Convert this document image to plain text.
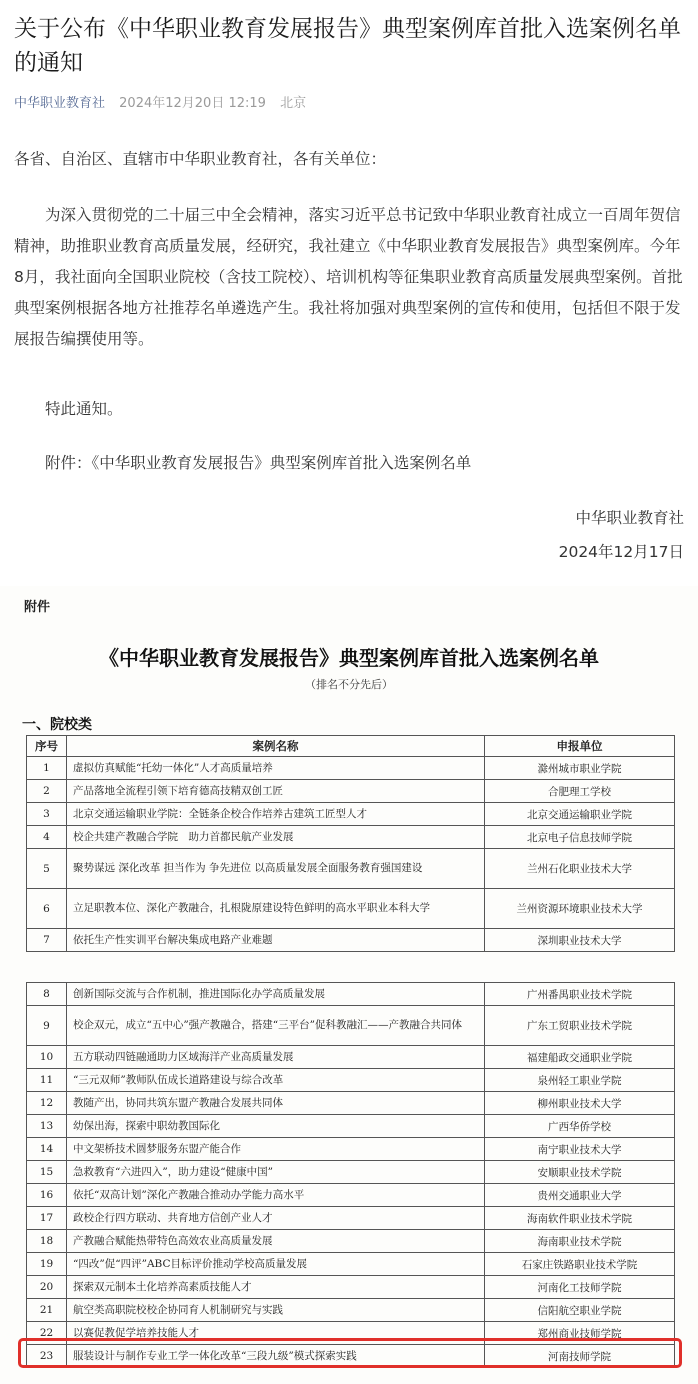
关于公布《中华职业教育发展报告》典型案例库首批入选案例名单的通知
中华职业教育社 2024年12月20日 12:19 北京

各省、自治区、直辖市中华职业教育社，各有关单位：

为深入贯彻党的二十届三中全会精神，落实习近平总书记致中华职业教育社成立一百周年贺信精神，助推职业教育高质量发展，经研究，我社建立《中华职业教育发展报告》典型案例库。今年8月，我社面向全国职业院校（含技工院校）、培训机构等征集职业教育高质量发展典型案例。首批典型案例根据各地方社推荐名单遴选产生。我社将加强对典型案例的宣传和使用，包括但不限于发展报告编撰使用等。

特此通知。

附件：《中华职业教育发展报告》典型案例库首批入选案例名单

中华职业教育社
2024年12月17日
附件
《中华职业教育发展报告》典型案例库首批入选案例名单
（排名不分先后）
一、院校类
序号	案例名称	申报单位
1	虚拟仿真赋能“托幼一体化”人才高质量培养	滁州城市职业学院
2	产品落地全流程引领下培育德高技精双创工匠	合肥理工学校
3	北京交通运输职业学院：全链条企校合作培养古建筑工匠型人才	北京交通运输职业学院
4	校企共建产教融合学院　助力首都民航产业发展	北京电子信息技师学院
5	聚势谋远 深化改革 担当作为 争先进位 以高质量发展全面服务教育强国建设	兰州石化职业技术大学
6	立足职教本位、深化产教融合，扎根陇原建设特色鲜明的高水平职业本科大学	兰州资源环境职业技术大学
7	依托生产性实训平台解决集成电路产业难题	深圳职业技术大学
8	创新国际交流与合作机制，推进国际化办学高质量发展	广州番禺职业技术学院
9	校企双元，成立“五中心”强产教融合，搭建“三平台”促科教融汇——产教融合共同体	广东工贸职业技术学院
10	五方联动四链融通助力区域海洋产业高质量发展	福建船政交通职业学院
11	“三元双师”教师队伍成长道路建设与综合改革	泉州轻工职业学院
12	教随产出，协同共筑东盟产教融合发展共同体	柳州职业技术大学
13	幼保出海，探索中职幼教国际化	广西华侨学校
14	中文架桥技术圆梦服务东盟产能合作	南宁职业技术大学
15	急救教育“六进四入”，助力建设“健康中国”	安顺职业技术学院
16	依托“双高计划”深化产教融合推动办学能力高水平	贵州交通职业大学
17	政校企行四方联动、共育地方信创产业人才	海南软件职业技术学院
18	产教融合赋能热带特色高效农业高质量发展	海南职业技术学院
19	“四改”促“四评”ABC目标评价推动学校高质量发展	石家庄铁路职业技术学院
20	探索双元制本土化培养高素质技能人才	河南化工技师学院
21	航空类高职院校校企协同育人机制研究与实践	信阳航空职业学院
22	以赛促教促学培养技能人才	郑州商业技师学院
23	服装设计与制作专业工学一体化改革“三段九级”模式探索实践	河南技师学院
